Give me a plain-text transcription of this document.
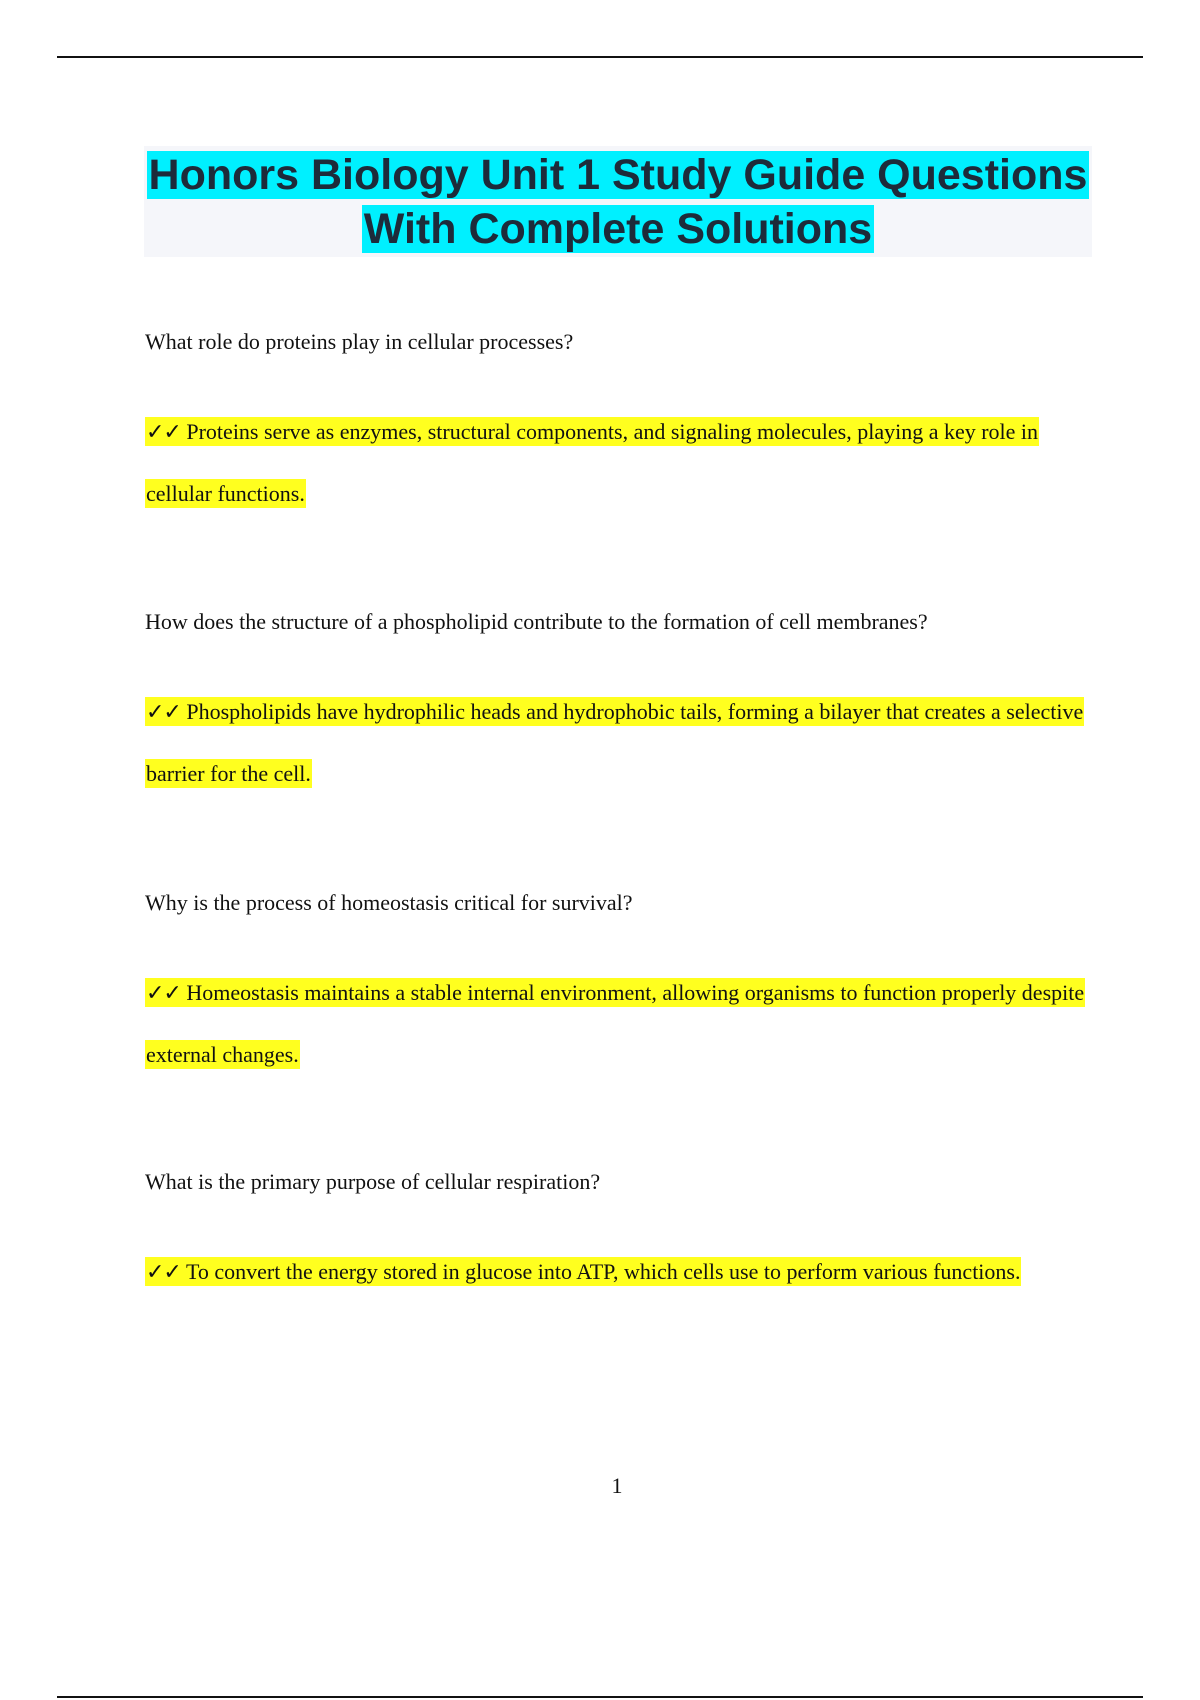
Honors Biology Unit 1 Study Guide Questions With Complete Solutions

What role do proteins play in cellular processes?

✓✓ Proteins serve as enzymes, structural components, and signaling molecules, playing a key role in cellular functions.

How does the structure of a phospholipid contribute to the formation of cell membranes?

✓✓ Phospholipids have hydrophilic heads and hydrophobic tails, forming a bilayer that creates a selective barrier for the cell.

Why is the process of homeostasis critical for survival?

✓✓ Homeostasis maintains a stable internal environment, allowing organisms to function properly despite external changes.

What is the primary purpose of cellular respiration?

✓✓ To convert the energy stored in glucose into ATP, which cells use to perform various functions.

1
